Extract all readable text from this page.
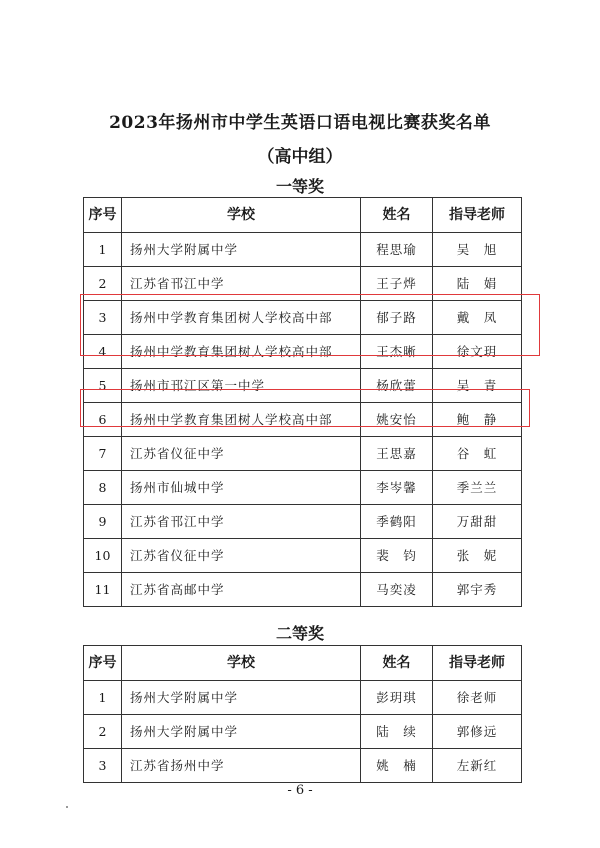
2023年扬州市中学生英语口语电视比赛获奖名单
（高中组）
一等奖
序号	学校	姓名	指导老师
1	扬州大学附属中学	程思瑜	吴　旭
2	江苏省邗江中学	王子烨	陆　娟
3	扬州中学教育集团树人学校高中部	郁子路	戴　凤
4	扬州中学教育集团树人学校高中部	王杰晰	徐文玥
5	扬州市邗江区第一中学	杨欣蕾	吴　青
6	扬州中学教育集团树人学校高中部	姚安怡	鲍　静
7	江苏省仪征中学	王思嘉	谷　虹
8	扬州市仙城中学	李岑馨	季兰兰
9	江苏省邗江中学	季鹤阳	万甜甜
10	江苏省仪征中学	裴　钧	张　妮
11	江苏省高邮中学	马奕凌	郭宇秀
二等奖
序号	学校	姓名	指导老师
1	扬州大学附属中学	彭玥琪	徐老师
2	扬州大学附属中学	陆　续	郭修远
3	江苏省扬州中学	姚　楠	左新红
- 6 -
